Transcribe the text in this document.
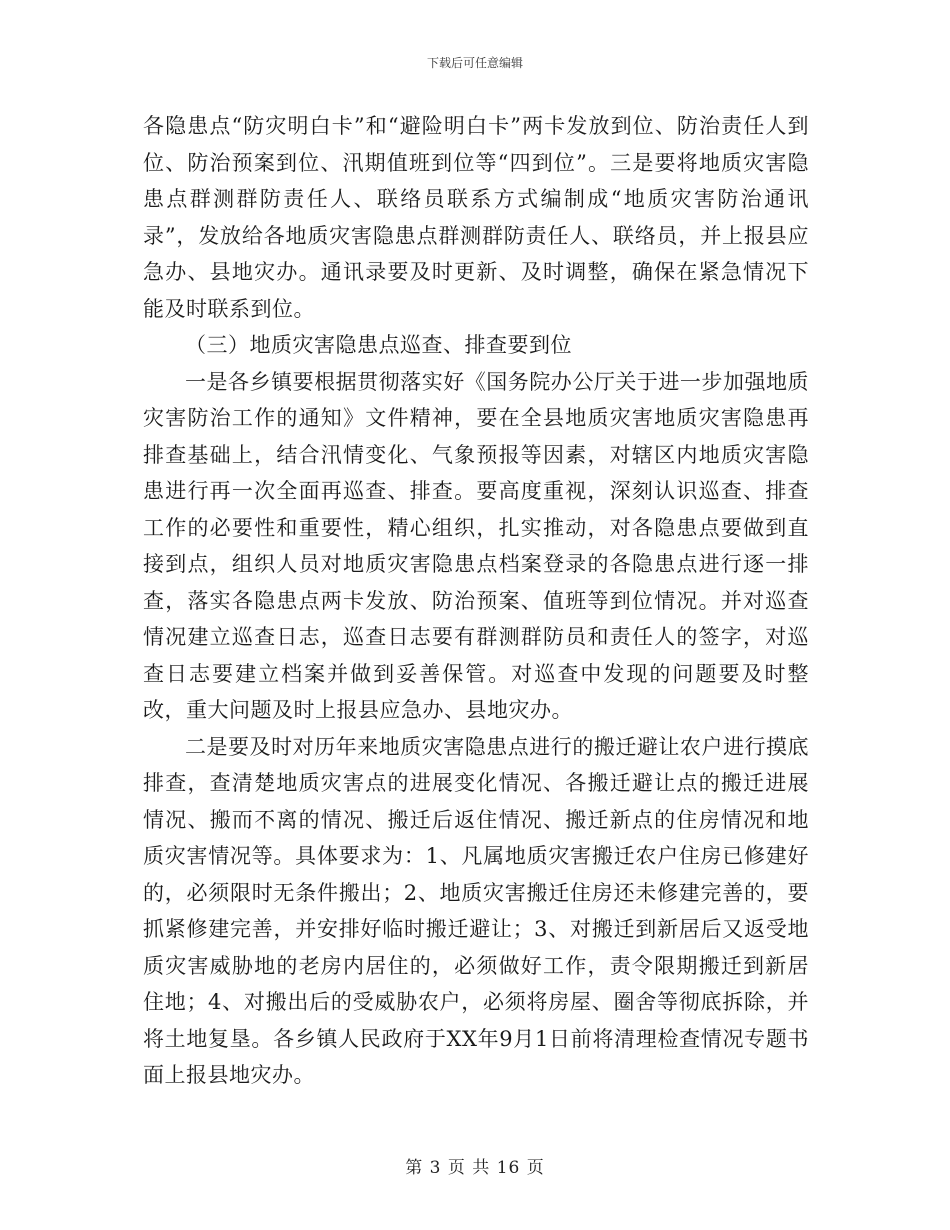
下载后可任意编辑

各隐患点“防灾明白卡”和“避险明白卡”两卡发放到位、防治责任人到位、防治预案到位、汛期值班到位等“四到位”。三是要将地质灾害隐患点群测群防责任人、联络员联系方式编制成“地质灾害防治通讯录”，发放给各地质灾害隐患点群测群防责任人、联络员，并上报县应急办、县地灾办。通讯录要及时更新、及时调整，确保在紧急情况下能及时联系到位。

（三）地质灾害隐患点巡查、排查要到位

一是各乡镇要根据贯彻落实好《国务院办公厅关于进一步加强地质灾害防治工作的通知》文件精神，要在全县地质灾害地质灾害隐患再排查基础上，结合汛情变化、气象预报等因素，对辖区内地质灾害隐患进行再一次全面再巡查、排查。要高度重视，深刻认识巡查、排查工作的必要性和重要性，精心组织，扎实推动，对各隐患点要做到直接到点，组织人员对地质灾害隐患点档案登录的各隐患点进行逐一排查，落实各隐患点两卡发放、防治预案、值班等到位情况。并对巡查情况建立巡查日志，巡查日志要有群测群防员和责任人的签字，对巡查日志要建立档案并做到妥善保管。对巡查中发现的问题要及时整改，重大问题及时上报县应急办、县地灾办。

二是要及时对历年来地质灾害隐患点进行的搬迁避让农户进行摸底排查，查清楚地质灾害点的进展变化情况、各搬迁避让点的搬迁进展情况、搬而不离的情况、搬迁后返住情况、搬迁新点的住房情况和地质灾害情况等。具体要求为：1、凡属地质灾害搬迁农户住房已修建好的，必须限时无条件搬出；2、地质灾害搬迁住房还未修建完善的，要抓紧修建完善，并安排好临时搬迁避让；3、对搬迁到新居后又返受地质灾害威胁地的老房内居住的，必须做好工作，责令限期搬迁到新居住地；4、对搬出后的受威胁农户，必须将房屋、圈舍等彻底拆除，并将土地复垦。各乡镇人民政府于XX年9月1日前将清理检查情况专题书面上报县地灾办。

第 3 页 共 16 页
